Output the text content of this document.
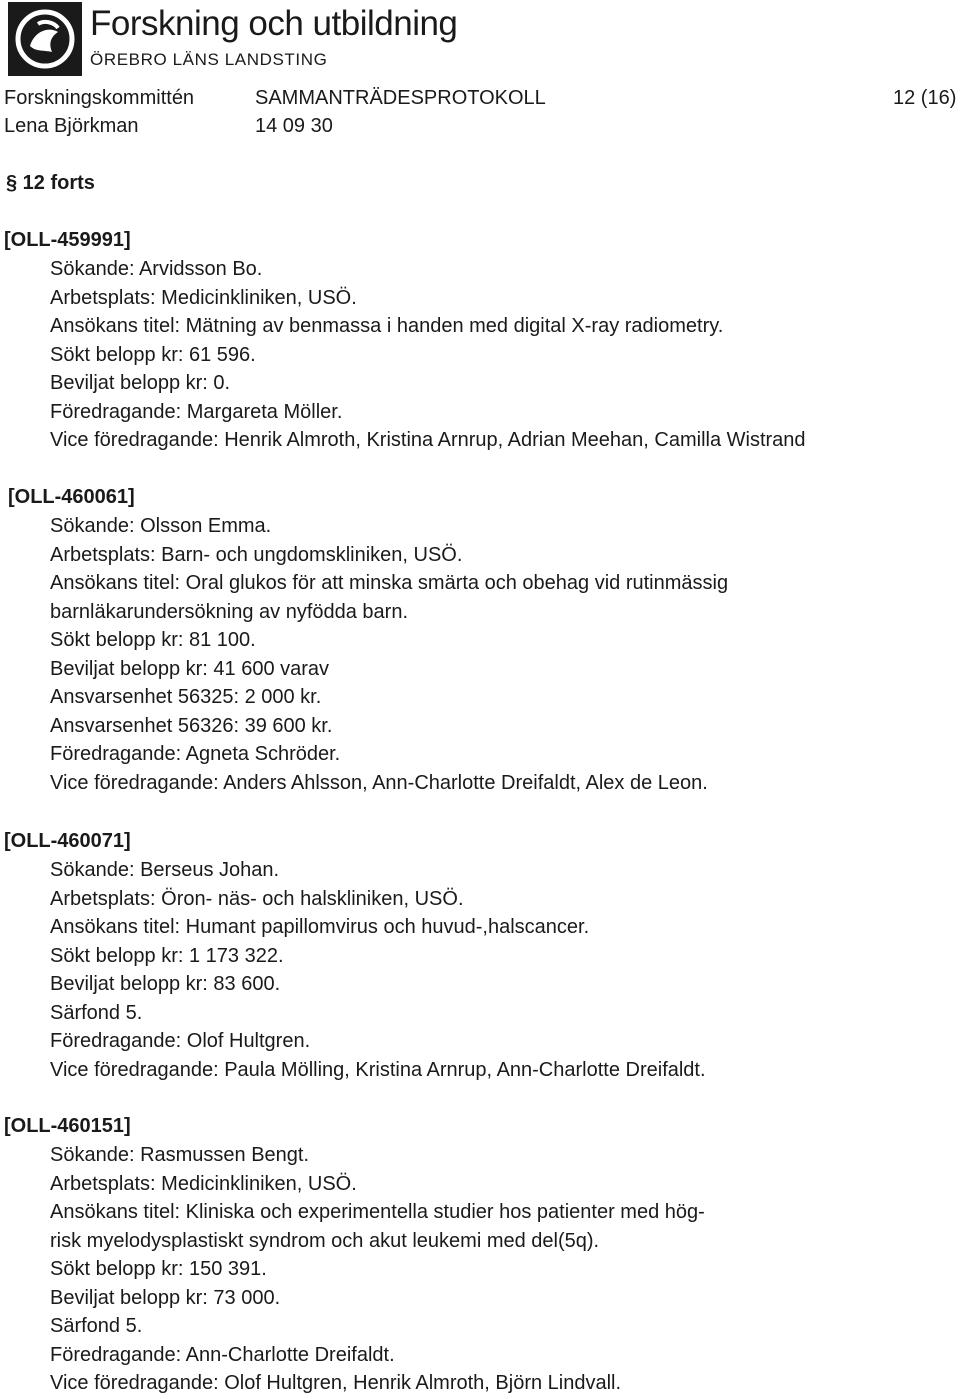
Forskning och utbildning
ÖREBRO LÄNS LANDSTING
Forskningskommittén	SAMMANTRÄDESPROTOKOLL	12 (16)
Lena Björkman	14 09 30
§ 12 forts
[OLL-459991]
Sökande: Arvidsson Bo.
Arbetsplats: Medicinkliniken, USÖ.
Ansökans titel: Mätning av benmassa i handen med digital X-ray radiometry.
Sökt belopp kr: 61 596.
Beviljat belopp kr: 0.
Föredragande: Margareta Möller.
Vice föredragande: Henrik Almroth, Kristina Arnrup, Adrian Meehan, Camilla Wistrand
[OLL-460061]
Sökande: Olsson Emma.
Arbetsplats: Barn- och ungdomskliniken, USÖ.
Ansökans titel: Oral glukos för att minska smärta och obehag vid rutinmässig
barnläkarundersökning av nyfödda barn.
Sökt belopp kr: 81 100.
Beviljat belopp kr: 41 600 varav
Ansvarsenhet 56325: 2 000 kr.
Ansvarsenhet 56326: 39 600 kr.
Föredragande: Agneta Schröder.
Vice föredragande: Anders Ahlsson, Ann-Charlotte Dreifaldt, Alex de Leon.
[OLL-460071]
Sökande: Berseus Johan.
Arbetsplats: Öron- näs- och halskliniken, USÖ.
Ansökans titel: Humant papillomvirus och huvud-,halscancer.
Sökt belopp kr: 1 173 322.
Beviljat belopp kr: 83 600.
Särfond 5.
Föredragande: Olof Hultgren.
Vice föredragande: Paula Mölling, Kristina Arnrup, Ann-Charlotte Dreifaldt.
[OLL-460151]
Sökande: Rasmussen Bengt.
Arbetsplats: Medicinkliniken, USÖ.
Ansökans titel: Kliniska och experimentella studier hos patienter med hög-
risk myelodysplastiskt syndrom och akut leukemi med del(5q).
Sökt belopp kr: 150 391.
Beviljat belopp kr: 73 000.
Särfond 5.
Föredragande: Ann-Charlotte Dreifaldt.
Vice föredragande: Olof Hultgren, Henrik Almroth, Björn Lindvall.
